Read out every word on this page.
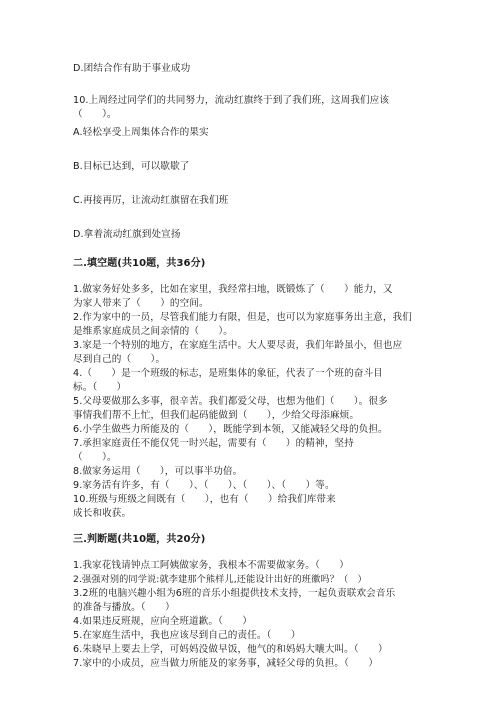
D.团结合作有助于事业成功
10.上周经过同学们的共同努力，流动红旗终于到了我们班，这周我们应该
（　　）。
A.轻松享受上周集体合作的果实
B.目标已达到，可以歇歇了
C.再接再厉，让流动红旗留在我们班
D.拿着流动红旗到处宣扬
二.填空题(共10题，共36分)
1.做家务好处多多，比如在家里，我经常扫地，既锻炼了（　　）能力，又
为家人带来了（　　）的空间。
2.作为家中的一员，尽管我们能力有限，但是，也可以为家庭事务出主意，我们
是维系家庭成员之间亲情的（　　）。
3.家是一个特别的地方，在家庭生活中。大人要尽责，我们年龄虽小，但也应
尽到自己的（　　）。
4.（　　）是一个班级的标志，是班集体的象征，代表了一个班的奋斗目
标。（　　）
5.父母要做那么多事，很辛苦。我们都爱父母，也想为他们（　　）。很多
事情我们帮不上忙，但我们起码能做到（　　），少给父母添麻烦。
6.小学生做些力所能及的（　　），既能学到本领，又能减轻父母的负担。
7.承担家庭责任不能仅凭一时兴起，需要有（　　）的精神，坚持
（　　）。
8.做家务运用（　　），可以事半功倍。
9.家务活有许多，有（　　）、（　　）、（　　）、（　　）等。
10.班级与班级之间既有（　　），也有（　　）给我们库带来
成长和收获。
三.判断题(共10题，共20分)
1.我家花钱请钟点工阿姨做家务，我根本不需要做家务。（　　）
2.强强对别的同学说:就李建那个熊样儿,还能设计出好的班徽吗？（　）
3.2班的电脑兴趣小组为6班的音乐小组提供技术支持，一起负责联欢会音乐
的准备与播放。（　　）
4.如果违反班规，应向全班道歉。（　　）
5.在家庭生活中，我也应该尽到自己的责任。（　　）
6.朱晓早上要去上学，可妈妈没做早饭，他气的和妈妈大嚷大叫。（　　）
7.家中的小成员，应当做力所能及的家务事，减轻父母的负担。（　　）
